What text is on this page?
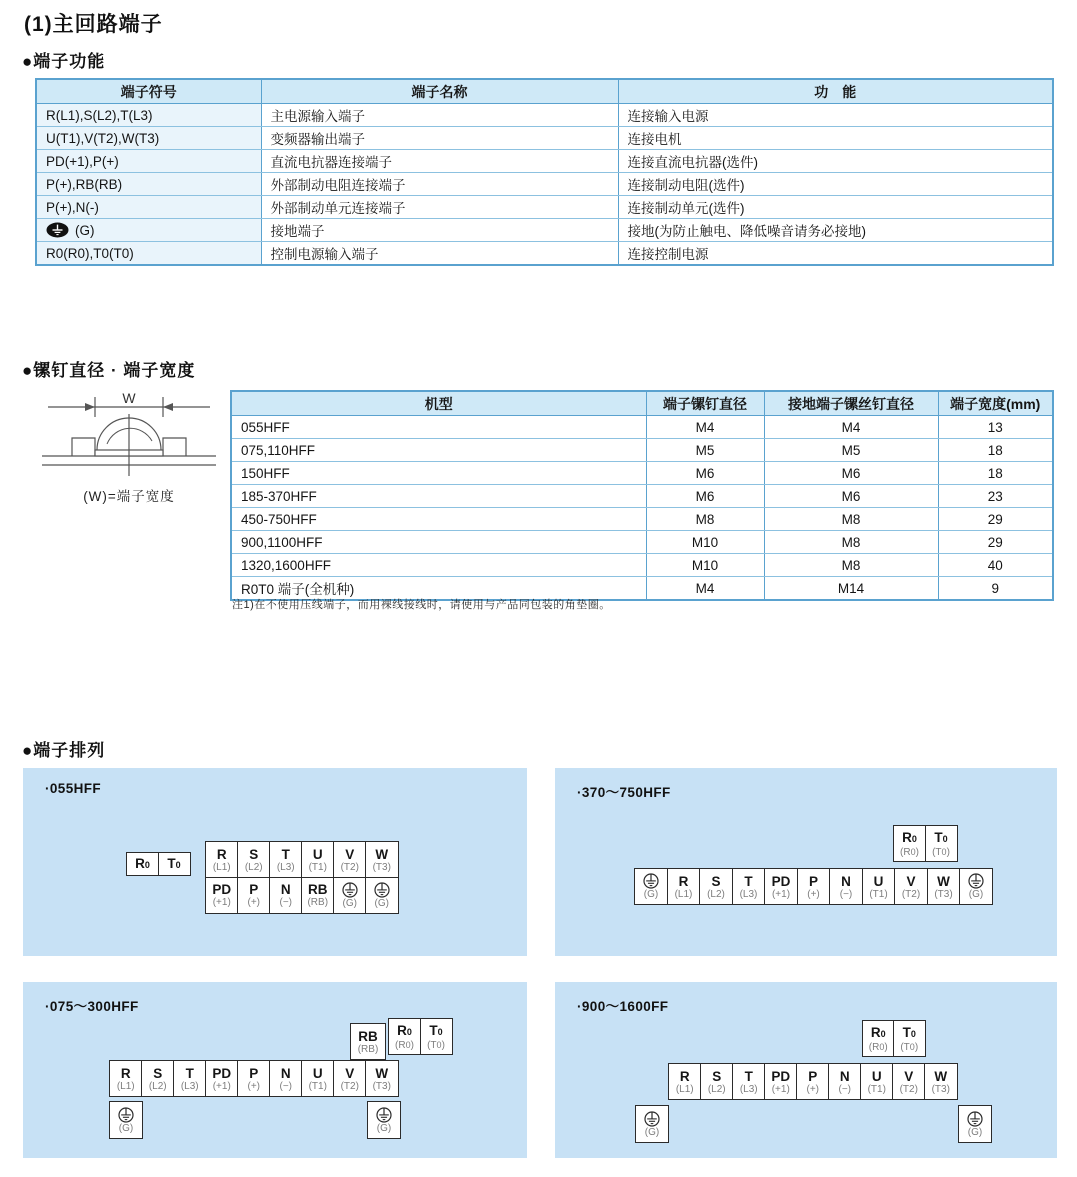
(1)主回路端子
●端子功能
端子符号	端子名称	功　能
R(L1),S(L2),T(L3)	主电源输入端子	连接输入电源
U(T1),V(T2),W(T3)	变频器输出端子	连接电机
PD(+1),P(+)	直流电抗器连接端子	连接直流电抗器(选件)
P(+),RB(RB)	外部制动电阻连接端子	连接制动电阻(选件)
P(+),N(-)	外部制动单元连接端子	连接制动单元(选件)

(G)	接地端子	接地(为防止触电、降低噪音请务必接地)
R0(R0),T0(T0)	控制电源输入端子	连接控制电源
●镙钉直径 · 端子宽度
W
(W)=端子宽度
机型	端子镙钉直径	接地端子镙丝钉直径	端子宽度(mm)
055HFF	M4	M4	13
075,110HFF	M5	M5	18
150HFF	M6	M6	18
185-370HFF	M6	M6	23
450-750HFF	M8	M8	29
900,1100HFF	M10	M8	29
1320,1600HFF	M10	M8	40
R0T0 端子(全机种)	M4	M14	9
注1)在不使用压线端子，而用裸线接线时，请使用与产品同包装的角垫圈。
●端子排列
·055HFF
R0 T0
R
(L1)
S
(L2)
T
(L3)
U
(T1)
V
(T2)
W
(T3)
PD
(+1)
P
(+)
N
(−)
RB
(RB) (G) (G)
·370～750HFF
R0
(R0)
T0
(T0)
(G)
R
(L1)
S
(L2)
T
(L3)
PD
(+1)
P
(+)
N
(−)
U
(T1)
V
(T2)
W
(T3) (G)
·075～300HFF
RB
(RB)
R0
(R0)
T0
(T0)
R
(L1)
S
(L2)
T
(L3)
PD
(+1)
P
(+)
N
(−)
U
(T1)
V
(T2)
W
(T3)
(G)	(G)
·900～1600FF
R0
(R0)
T0
(T0)
R
(L1)
S
(L2)
T
(L3)
PD
(+1)
P
(+)
N
(−)
U
(T1)
V
(T2)
W
(T3)
(G)	(G)
